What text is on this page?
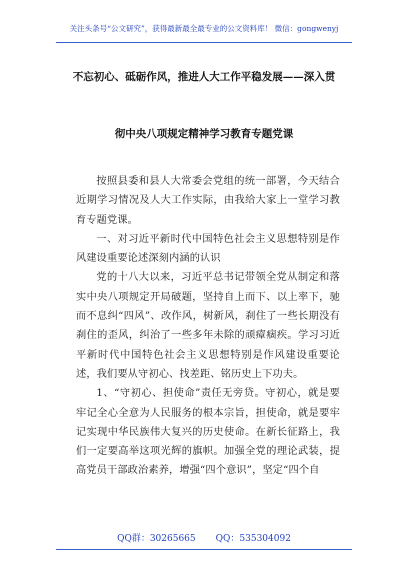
关注头条号“公文研究”，获得最新最全最专业的公文资料库！ 微信：gongwenyj
不忘初心、砥砺作风，推进人大工作平稳发展——深入贯
彻中央八项规定精神学习教育专题党课

按照县委和县人大常委会党组的统一部署，今天结合近期学习情况及人大工作实际，由我给大家上一堂学习教育专题党课。

一、对习近平新时代中国特色社会主义思想特别是作风建设重要论述深刻内涵的认识

党的十八大以来，习近平总书记带领全党从制定和落实中央八项规定开局破题，坚持自上而下、以上率下，驰而不息纠“四风”、改作风，树新风，刹住了一些长期没有刹住的歪风，纠治了一些多年未除的顽瘴痼疾。学习习近平新时代中国特色社会主义思想特别是作风建设重要论述，我们要从守初心、找差距、铭历史上下功夫。

1、“守初心、担使命”责任无旁贷。守初心，就是要牢记全心全意为人民服务的根本宗旨，担使命，就是要牢记实现中华民族伟大复兴的历史使命。在新长征路上，我们一定要高举这项光辉的旗帜。加强全党的理论武装，提高党员干部政治素养，增强“四个意识”，坚定“四个自

QQ群：30265665 QQ：535304092
